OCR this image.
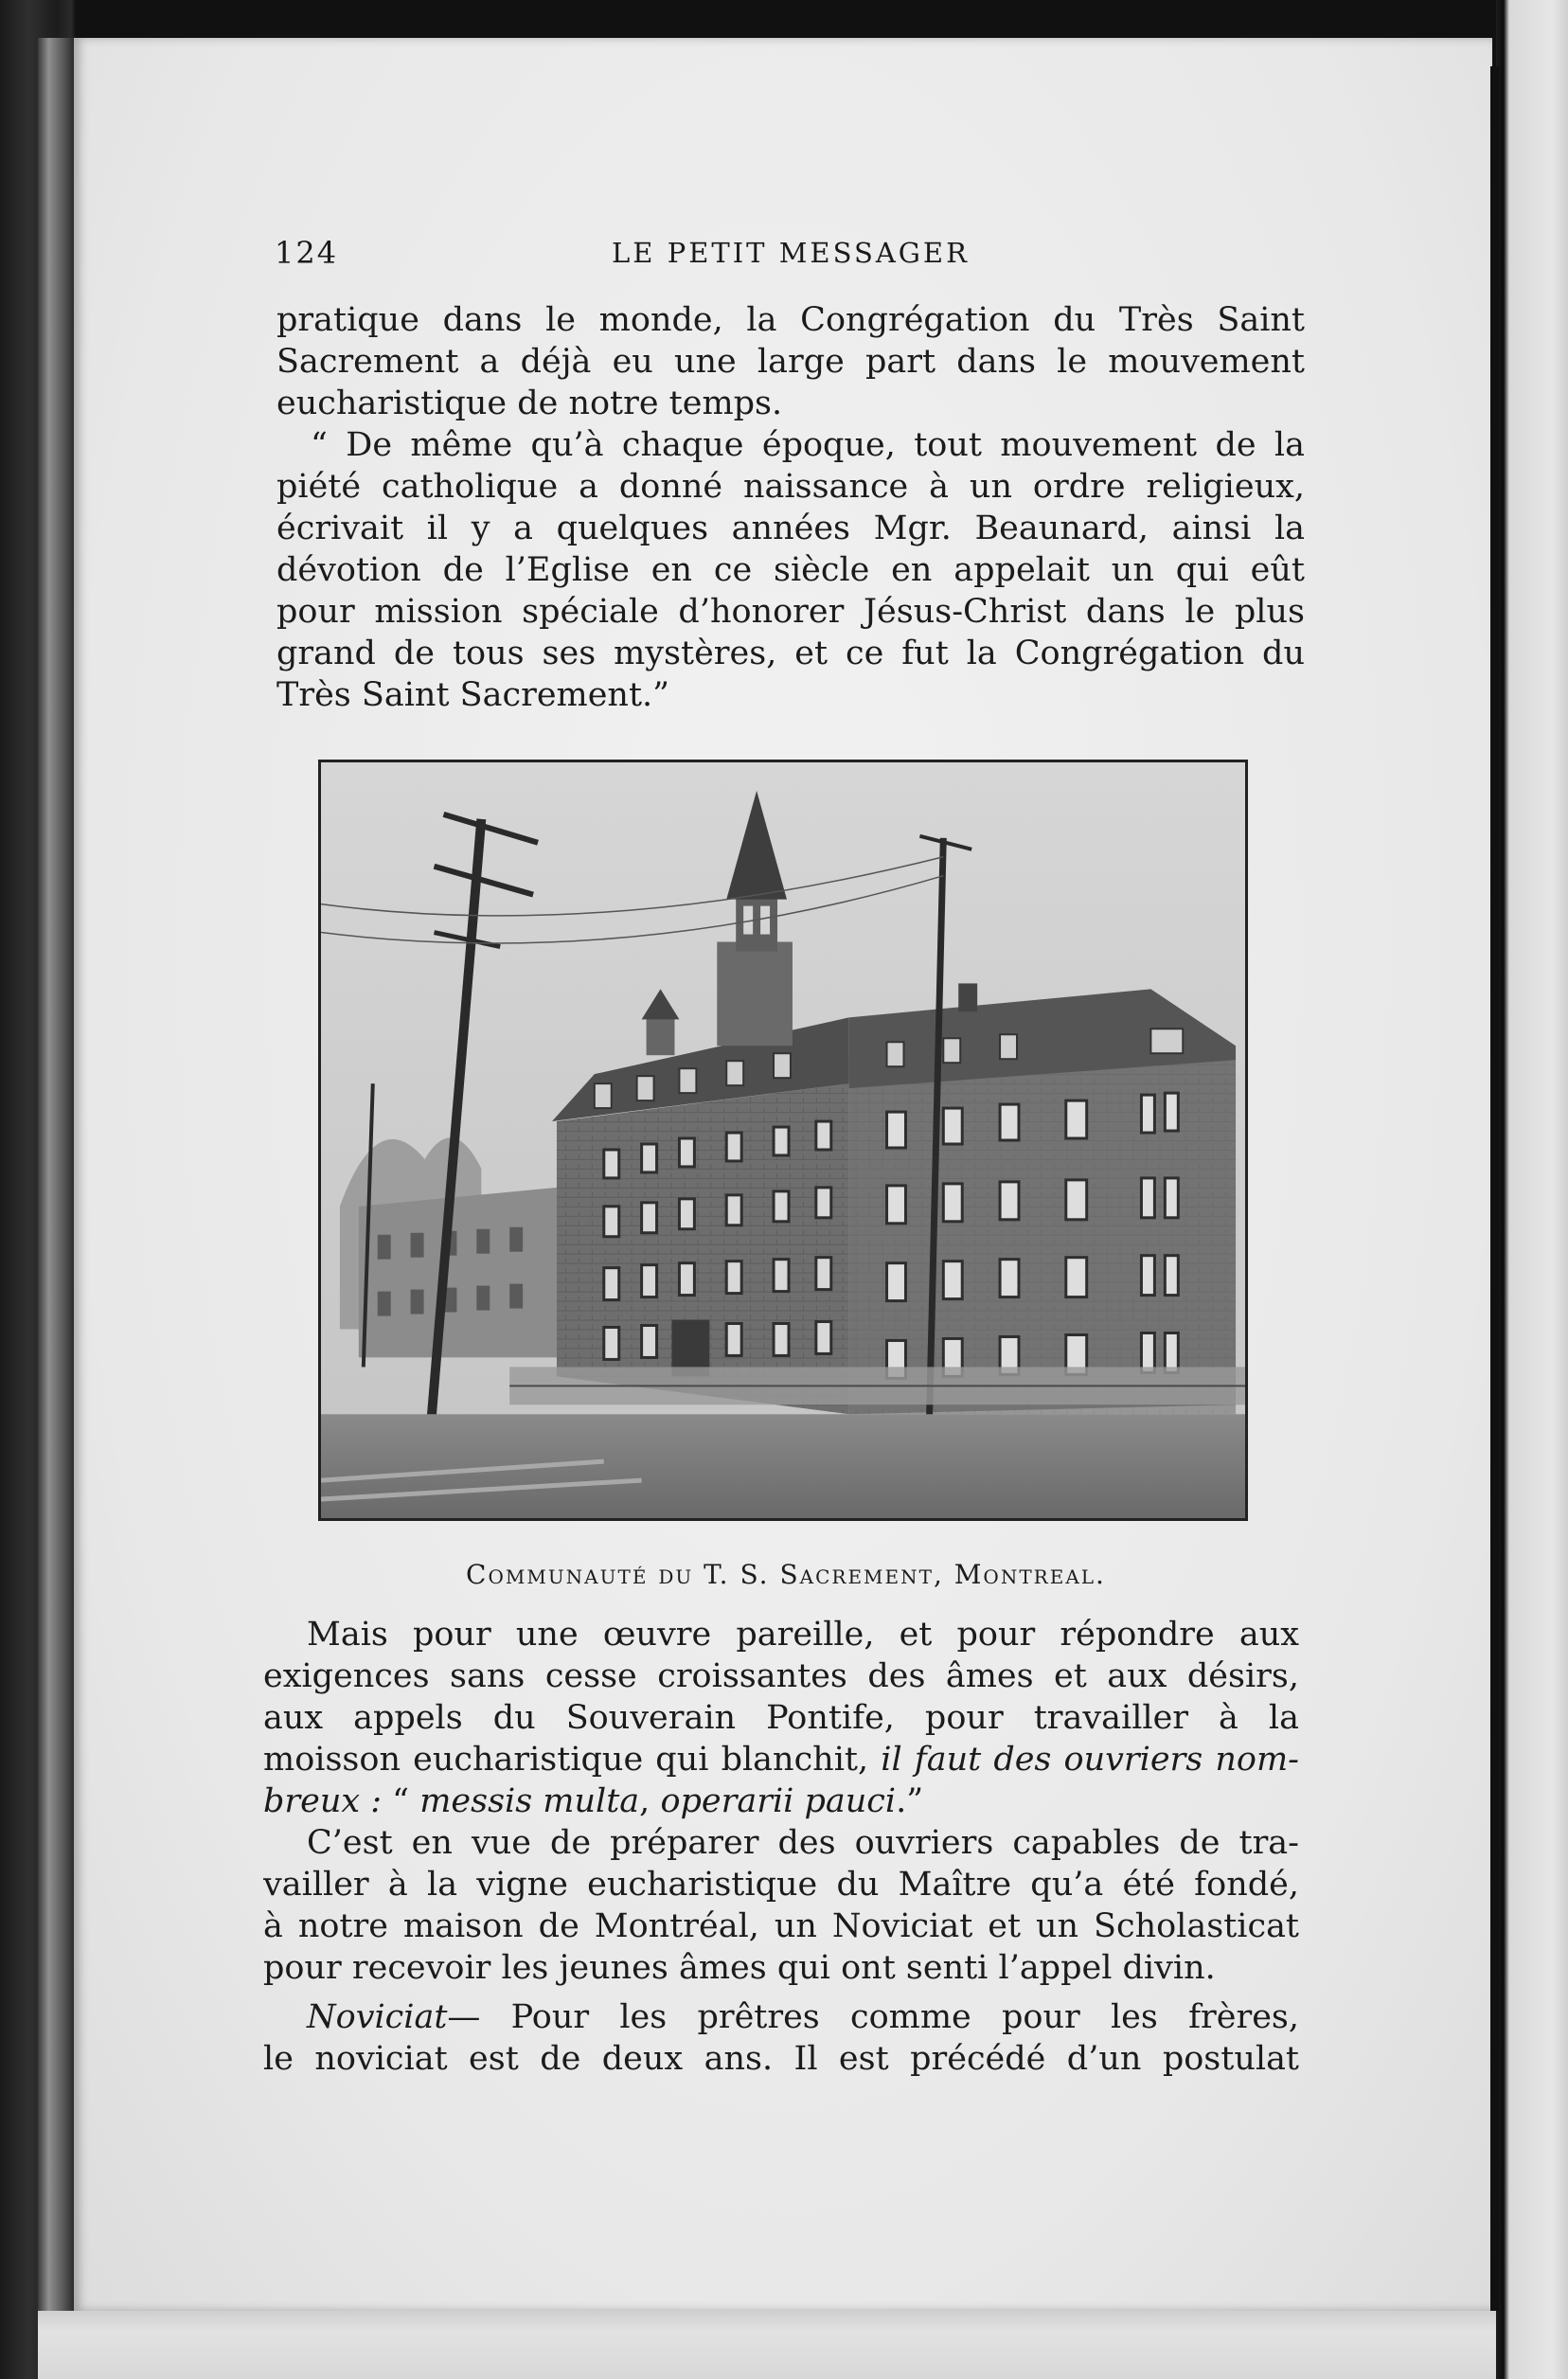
124	LE PETIT MESSAGER
pratique dans le monde, la Congrégation du Très Saint
Sacrement a déjà eu une large part dans le mouvement
eucharistique de notre temps.
“ De même qu’à chaque époque, tout mouvement de la
piété catholique a donné naissance à un ordre religieux,
écrivait il y a quelques années Mgr. Beaunard, ainsi la
dévotion de l’Eglise en ce siècle en appelait un qui eût
pour mission spéciale d’honorer Jésus-Christ dans le plus
grand de tous ses mystères, et ce fut la Congrégation du
Très Saint Sacrement.”
Communauté du T. S. Sacrement, Montreal.
Mais pour une œuvre pareille, et pour répondre aux
exigences sans cesse croissantes des âmes et aux désirs,
aux appels du Souverain Pontife, pour travailler à la
moisson eucharistique qui blanchit, il faut des ouvriers nom-
breux : “ messis multa, operarii pauci.”
C’est en vue de préparer des ouvriers capables de tra-
vailler à la vigne eucharistique du Maître qu’a été fondé,
à notre maison de Montréal, un Noviciat et un Scholasticat
pour recevoir les jeunes âmes qui ont senti l’appel divin.
Noviciat— Pour les prêtres comme pour les frères,
le noviciat est de deux ans. Il est précédé d’un postulat
